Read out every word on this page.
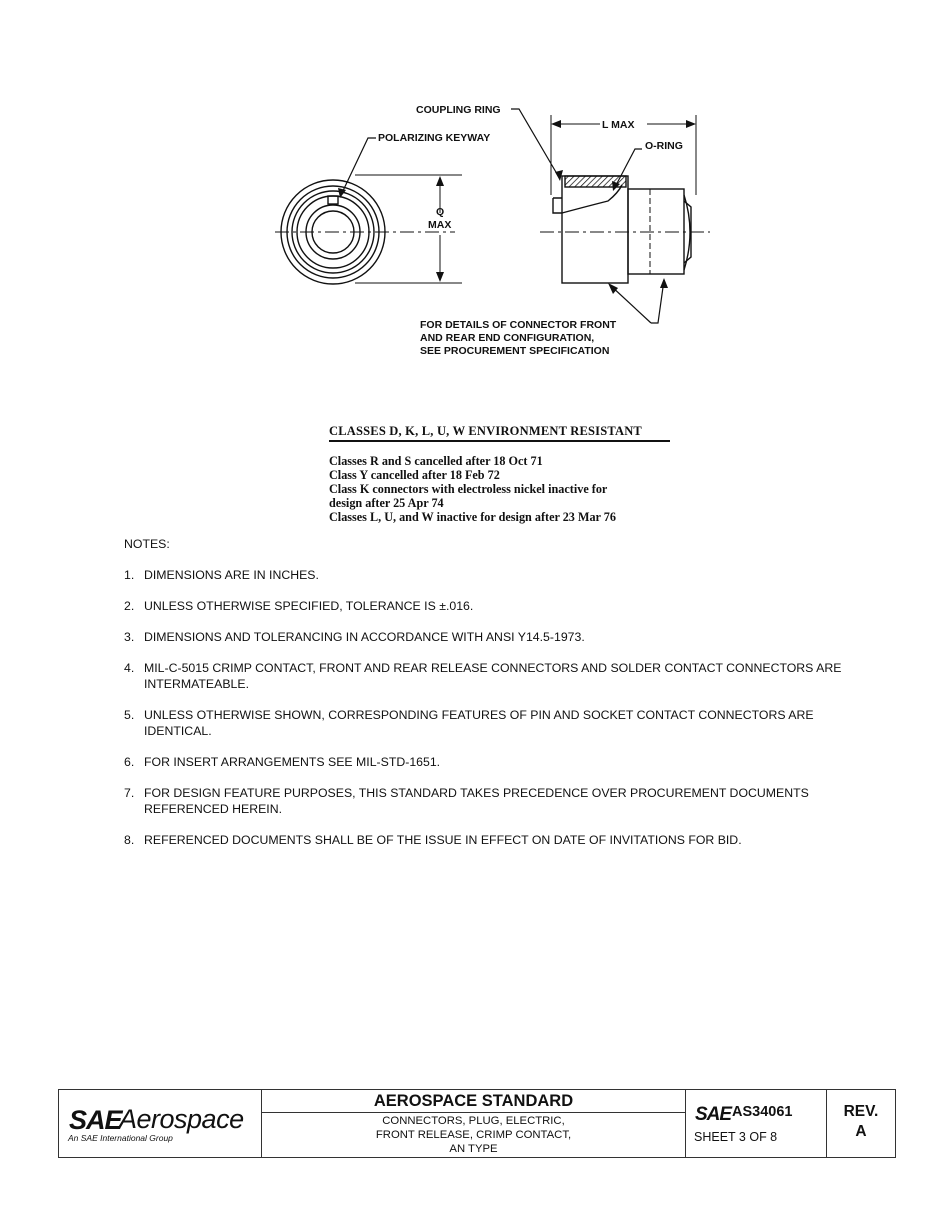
COUPLING RING
POLARIZING KEYWAY
L MAX
O-RING
Q
MAX
FOR DETAILS OF CONNECTOR FRONT
AND REAR END CONFIGURATION,
SEE PROCUREMENT SPECIFICATION
CLASSES D, K, L, U, W ENVIRONMENT RESISTANT
Classes R and S cancelled after 18 Oct 71
Class Y cancelled after 18 Feb 72
Class K connectors with electroless nickel inactive for
design after 25 Apr 74
Classes L, U, and W inactive for design after 23 Mar 76
NOTES:
1. DIMENSIONS ARE IN INCHES.
2. UNLESS OTHERWISE SPECIFIED, TOLERANCE IS ±.016.
3. DIMENSIONS AND TOLERANCING IN ACCORDANCE WITH ANSI Y14.5-1973.
4. MIL-C-5015 CRIMP CONTACT, FRONT AND REAR RELEASE CONNECTORS AND SOLDER CONTACT CONNECTORS ARE INTERMATEABLE.
5. UNLESS OTHERWISE SHOWN, CORRESPONDING FEATURES OF PIN AND SOCKET CONTACT CONNECTORS ARE IDENTICAL.
6. FOR INSERT ARRANGEMENTS SEE MIL-STD-1651.
7. FOR DESIGN FEATURE PURPOSES, THIS STANDARD TAKES PRECEDENCE OVER PROCUREMENT DOCUMENTS REFERENCED HEREIN.
8. REFERENCED DOCUMENTS SHALL BE OF THE ISSUE IN EFFECT ON DATE OF INVITATIONS FOR BID.
SAE
Aerospace
An SAE International Group
AEROSPACE STANDARD
CONNECTORS, PLUG, ELECTRIC,
FRONT RELEASE, CRIMP CONTACT,
AN TYPE
SAE AS34061
SHEET 3 OF 8
REV.
A
